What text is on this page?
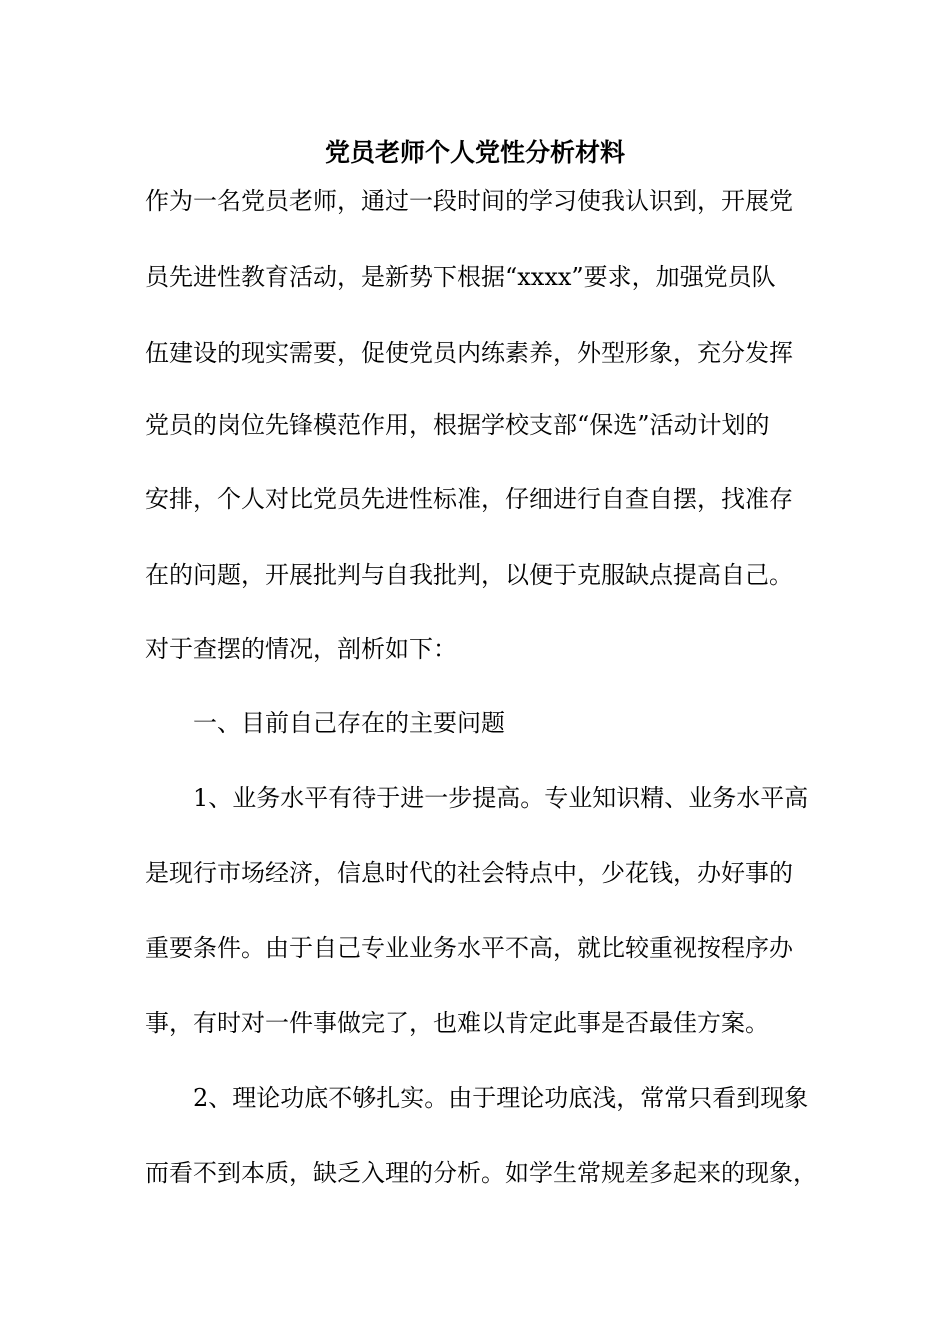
党员老师个人党性分析材料
作为一名党员老师，通过一段时间的学习使我认识到，开展党
员先进性教育活动，是新势下根据“xxxx”要求，加强党员队
伍建设的现实需要，促使党员内练素养，外型形象，充分发挥
党员的岗位先锋模范作用，根据学校支部“保选”活动计划的
安排，个人对比党员先进性标准，仔细进行自查自摆，找准存
在的问题，开展批判与自我批判，以便于克服缺点提高自己。
对于查摆的情况，剖析如下：
　　一、目前自己存在的主要问题
　　1、业务水平有待于进一步提高。专业知识精、业务水平高
是现行市场经济，信息时代的社会特点中，少花钱，办好事的
重要条件。由于自己专业业务水平不高，就比较重视按程序办
事，有时对一件事做完了，也难以肯定此事是否最佳方案。
　　2、理论功底不够扎实。由于理论功底浅，常常只看到现象
而看不到本质，缺乏入理的分析。如学生常规差多起来的现象，
